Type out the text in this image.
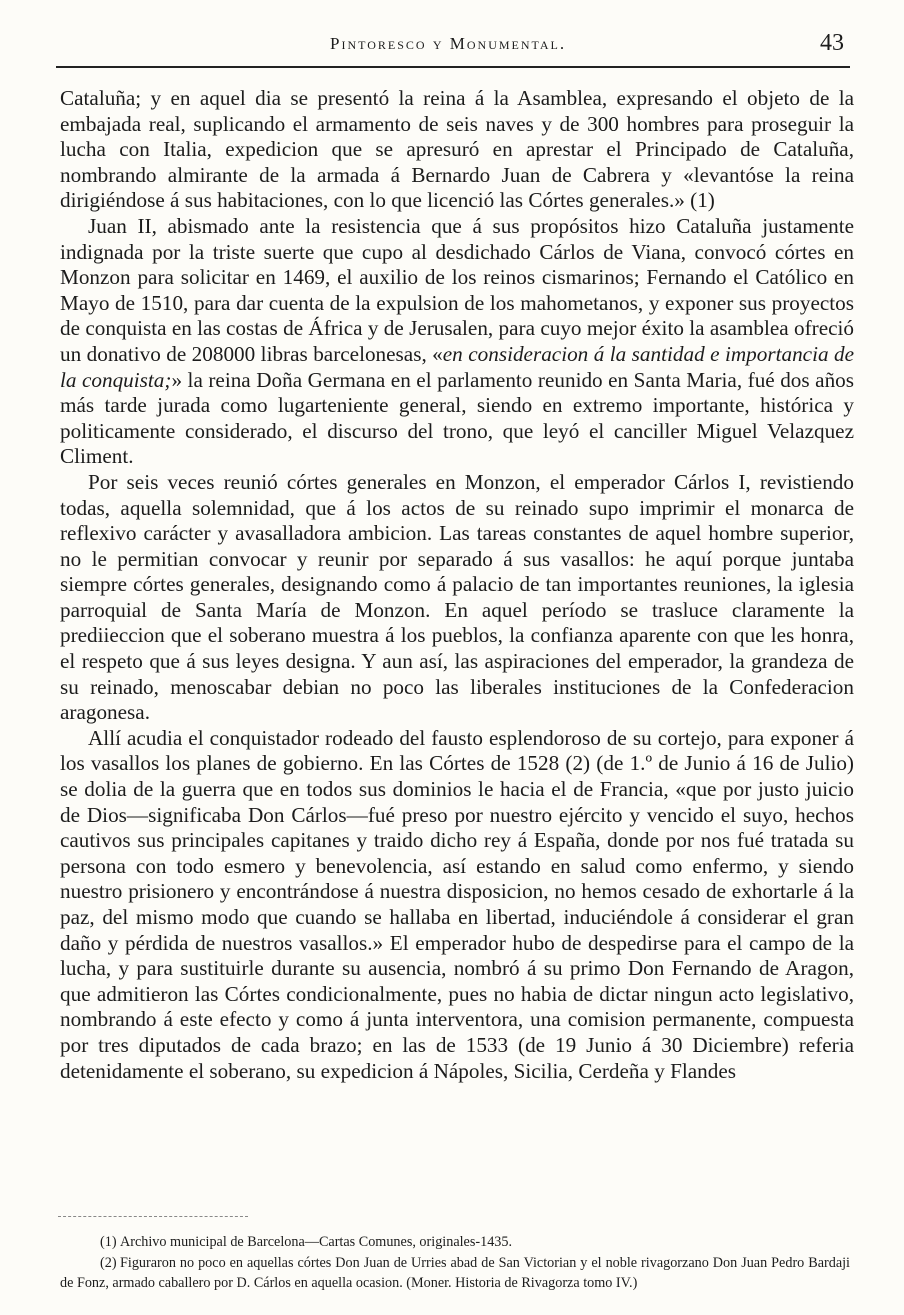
Pintoresco y Monumental.	43

Cataluña; y en aquel dia se presentó la reina á la Asamblea, expresando el objeto de la embajada real, suplicando el armamento de seis naves y de 300 hombres para proseguir la lucha con Italia, expedicion que se apresuró en aprestar el Principado de Cataluña, nombrando almirante de la armada á Bernardo Juan de Cabrera y «levantóse la reina dirigiéndose á sus habitaciones, con lo que licenció las Córtes generales.» (1)

Juan II, abismado ante la resistencia que á sus propósitos hizo Cataluña justamente indignada por la triste suerte que cupo al desdichado Cárlos de Viana, convocó córtes en Monzon para solicitar en 1469, el auxilio de los reinos cismarinos; Fernando el Católico en Mayo de 1510, para dar cuenta de la expulsion de los mahometanos, y exponer sus proyectos de conquista en las costas de África y de Jerusalen, para cuyo mejor éxito la asamblea ofreció un donativo de 208000 libras barcelonesas, «en consideracion á la santidad e importancia de la conquista;» la reina Doña Germana en el parlamento reunido en Santa Maria, fué dos años más tarde jurada como lugarteniente general, siendo en extremo importante, histórica y politicamente considerado, el discurso del trono, que leyó el canciller Miguel Velazquez Climent.

Por seis veces reunió córtes generales en Monzon, el emperador Cárlos I, revistiendo todas, aquella solemnidad, que á los actos de su reinado supo imprimir el monarca de reflexivo carácter y avasalladora ambicion. Las tareas constantes de aquel hombre superior, no le permitian convocar y reunir por separado á sus vasallos: he aquí porque juntaba siempre córtes generales, designando como á palacio de tan importantes reuniones, la iglesia parroquial de Santa María de Monzon. En aquel período se trasluce claramente la prediieccion que el soberano muestra á los pueblos, la confianza aparente con que les honra, el respeto que á sus leyes designa. Y aun así, las aspiraciones del emperador, la grandeza de su reinado, menoscabar debian no poco las liberales instituciones de la Confederacion aragonesa.

Allí acudia el conquistador rodeado del fausto esplendoroso de su cortejo, para exponer á los vasallos los planes de gobierno. En las Córtes de 1528 (2) (de 1.º de Junio á 16 de Julio) se dolia de la guerra que en todos sus dominios le hacia el de Francia, «que por justo juicio de Dios—significaba Don Cárlos—fué preso por nuestro ejército y vencido el suyo, hechos cautivos sus principales capitanes y traido dicho rey á España, donde por nos fué tratada su persona con todo esmero y benevolencia, así estando en salud como enfermo, y siendo nuestro prisionero y encontrándose á nuestra disposicion, no hemos cesado de exhortarle á la paz, del mismo modo que cuando se hallaba en libertad, induciéndole á considerar el gran daño y pérdida de nuestros vasallos.» El emperador hubo de despedirse para el campo de la lucha, y para sustituirle durante su ausencia, nombró á su primo Don Fernando de Aragon, que admitieron las Córtes condicionalmente, pues no habia de dictar ningun acto legislativo, nombrando á este efecto y como á junta interventora, una comision permanente, compuesta por tres diputados de cada brazo; en las de 1533 (de 19 Junio á 30 Diciembre) referia detenidamente el soberano, su expedicion á Nápoles, Sicilia, Cerdeña y Flandes

(1) Archivo municipal de Barcelona—Cartas Comunes, originales-1435.

(2) Figuraron no poco en aquellas córtes Don Juan de Urries abad de San Victorian y el noble rivagorzano Don Juan Pedro Bardaji de Fonz, armado caballero por D. Cárlos en aquella ocasion. (Moner. Historia de Rivagorza tomo IV.)
